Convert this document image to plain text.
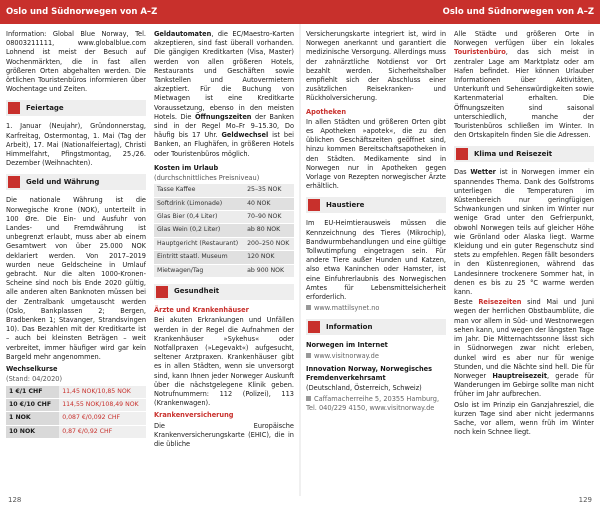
Oslo und Südnorwegen von A–Z	Oslo und Südnorwegen von A–Z

Information: Global Blue Norway, Tel. 08003211111, www.globalblue.com Lohnend ist meist der Besuch auf Wochenmärkten, die in fast allen größeren Orten abgehalten werden. Die örtlichen Touristenbüros informieren über Wochentage und Zeiten.

Feiertage

1. Januar (Neujahr), Gründonnerstag, Karfreitag, Ostermontag, 1. Mai (Tag der Arbeit), 17. Mai (Nationalfeiertag), Christi Himmelfahrt, Pfingstmontag, 25./26. Dezember (Weihnachten).

Geld und Währung

Die nationale Währung ist die Norwegische Krone (NOK), unterteilt in 100 Øre. Die Ein- und Ausfuhr von Landes- und Fremdwährung ist unbegrenzt erlaubt, muss aber ab einem Gesamtwert von über 25.000 NOK deklariert werden. Von 2017–2019 wurden neue Geldscheine in Umlauf gebracht. Nur die alten 1000-Kronen-Scheine sind noch bis Ende 2020 gültig, alle anderen alten Banknoten müssen bei der Zentralbank umgetauscht werden (Oslo, Bankplassen 2; Bergen, Bradbenken 1; Stavanger, Strandsvingen 10). Das Bezahlen mit der Kreditkarte ist – auch bei kleinsten Beträgen – weit verbreitet, immer häufiger wird gar kein Bargeld mehr angenommen.

Wechselkurse

(Stand: 04/2020)

1 €/1 CHF	11,45 NOK/10,85 NOK
10 €/10 CHF	114,55 NOK/108,49 NOK
1 NOK	0,087 €/0,092 CHF
10 NOK	0,87 €/0,92 CHF

Geldautomaten, die EC/Maestro-Karten akzeptieren, sind fast überall vorhanden. Die gängigen Kreditkarten (Visa, Master) werden von allen größeren Hotels, Restaurants und Geschäften sowie Tankstellen und Autovermietern akzeptiert. Für die Buchung von Mietwagen ist eine Kreditkarte Voraussetzung, ebenso in den meisten Hotels. Die Öffnungszeiten der Banken sind in der Regel Mo–Fr 9–15.30, Do häufig bis 17 Uhr. Geldwechsel ist bei Banken, an Flughäfen, in größeren Hotels oder Touristenbüros möglich.

Kosten im Urlaub

(durchschnittliches Preisniveau)

Tasse Kaffee	25–35 NOK
Softdrink (Limonade)	40 NOK
Glas Bier (0,4 Liter)	70–90 NOK
Glas Wein (0,2 Liter)	ab 80 NOK
Hauptgericht (Restaurant)	200–250 NOK
Eintritt staatl. Museum	120 NOK
Mietwagen/Tag	ab 900 NOK
Gesundheit

Ärzte und Krankenhäuser

Bei akuten Erkrankungen und Unfällen werden in der Regel die Aufnahmen der Krankenhäuser »Sykehus« oder Notfallpraxen (»Legevakt«) aufgesucht, seltener Arztpraxen. Krankenhäuser gibt es in allen Städten, wenn sie unversorgt sind, kann Ihnen jeder Norweger Auskunft über die nächstgelegene Klinik geben. Notrufnummern: 112 (Polizei), 113 (Krankenwagen).

Krankenversicherung

Die Europäische Krankenversicherungskarte (EHIC), die in die übliche

Versicherungskarte integriert ist, wird in Norwegen anerkannt und garantiert die medizinische Versorgung. Allerdings muss der zahnärztliche Notdienst vor Ort bezahlt werden. Sicherheitshalber empfiehlt sich der Abschluss einer zusätzlichen Reisekranken- und Rückholversicherung.

Apotheken

In allen Städten und größeren Orten gibt es Apotheken »apotek«, die zu den üblichen Geschäftszeiten geöffnet sind, hinzu kommen Bereitschaftsapotheken in den Städten. Medikamente sind in Norwegen nur in Apotheken gegen Vorlage von Rezepten norwegischer Ärzte erhältlich.

Haustiere

Im EU-Heimtierausweis müssen die Kennzeichnung des Tieres (Mikrochip), Bandwurmbehandlungen und eine gültige Tollwutimpfung eingetragen sein. Für andere Tiere außer Hunden und Katzen, also etwa Kaninchen oder Hamster, ist eine Einfuhrerlaubnis des Norwegischen Amtes für Lebensmittelsicherheit erforderlich.

www.mattilsynet.no

Information

Norwegen im Internet

www.visitnorway.de

Innovation Norway, Norwegisches Fremdenverkehrsamt

(Deutschland, Österreich, Schweiz)

Caffamacherreihe 5, 20355 Hamburg, Tel. 040/229 4150, www.visitnorway.de

Alle Städte und größeren Orte in Norwegen verfügen über ein lokales Touristenbüro, das sich meist in zentraler Lage am Marktplatz oder am Hafen befindet. Hier können Urlauber Informationen über Aktivitäten, Unterkunft und Sehenswürdigkeiten sowie Kartenmaterial erhalten. Die Öffnungszeiten sind saisonal unterschiedlich, manche der Touristenbüros schließen im Winter. In den Ortskapiteln finden Sie die Adressen.

Klima und Reisezeit

Das Wetter ist in Norwegen immer ein spannendes Thema. Dank des Golfstroms unterliegen die Temperaturen im Küstenbereich nur geringfügigen Schwankungen und sinken im Winter nur wenige Grad unter den Gefrierpunkt, obwohl Norwegen teils auf gleicher Höhe wie Grönland oder Alaska liegt. Warme Kleidung und ein guter Regenschutz sind stets zu empfehlen. Regen fällt besonders in den Küstenregionen, während das Landesinnere trockenere Sommer hat, in denen es bis zu 25 °C warme werden kann.

Beste Reisezeiten sind Mai und Juni wegen der herrlichen Obstbaumblüte, die man vor allem in Süd- und Westnorwegen sehen kann, und wegen der längsten Tage im Jahr. Die Mitternachtssonne lässt sich in Südnorwegen zwar nicht erleben, dunkel wird es aber nur für wenige Stunden, und die Nächte sind hell. Die für Norweger Hauptreisezeit, gerade für Wanderungen im Gebirge sollte man nicht früher im Jahr aufbrechen.

Oslo ist im Prinzip ein Ganzjahresziel, die kurzen Tage sind aber nicht jedermanns Sache, vor allem, wenn früh im Winter noch kein Schnee liegt.

128	129
